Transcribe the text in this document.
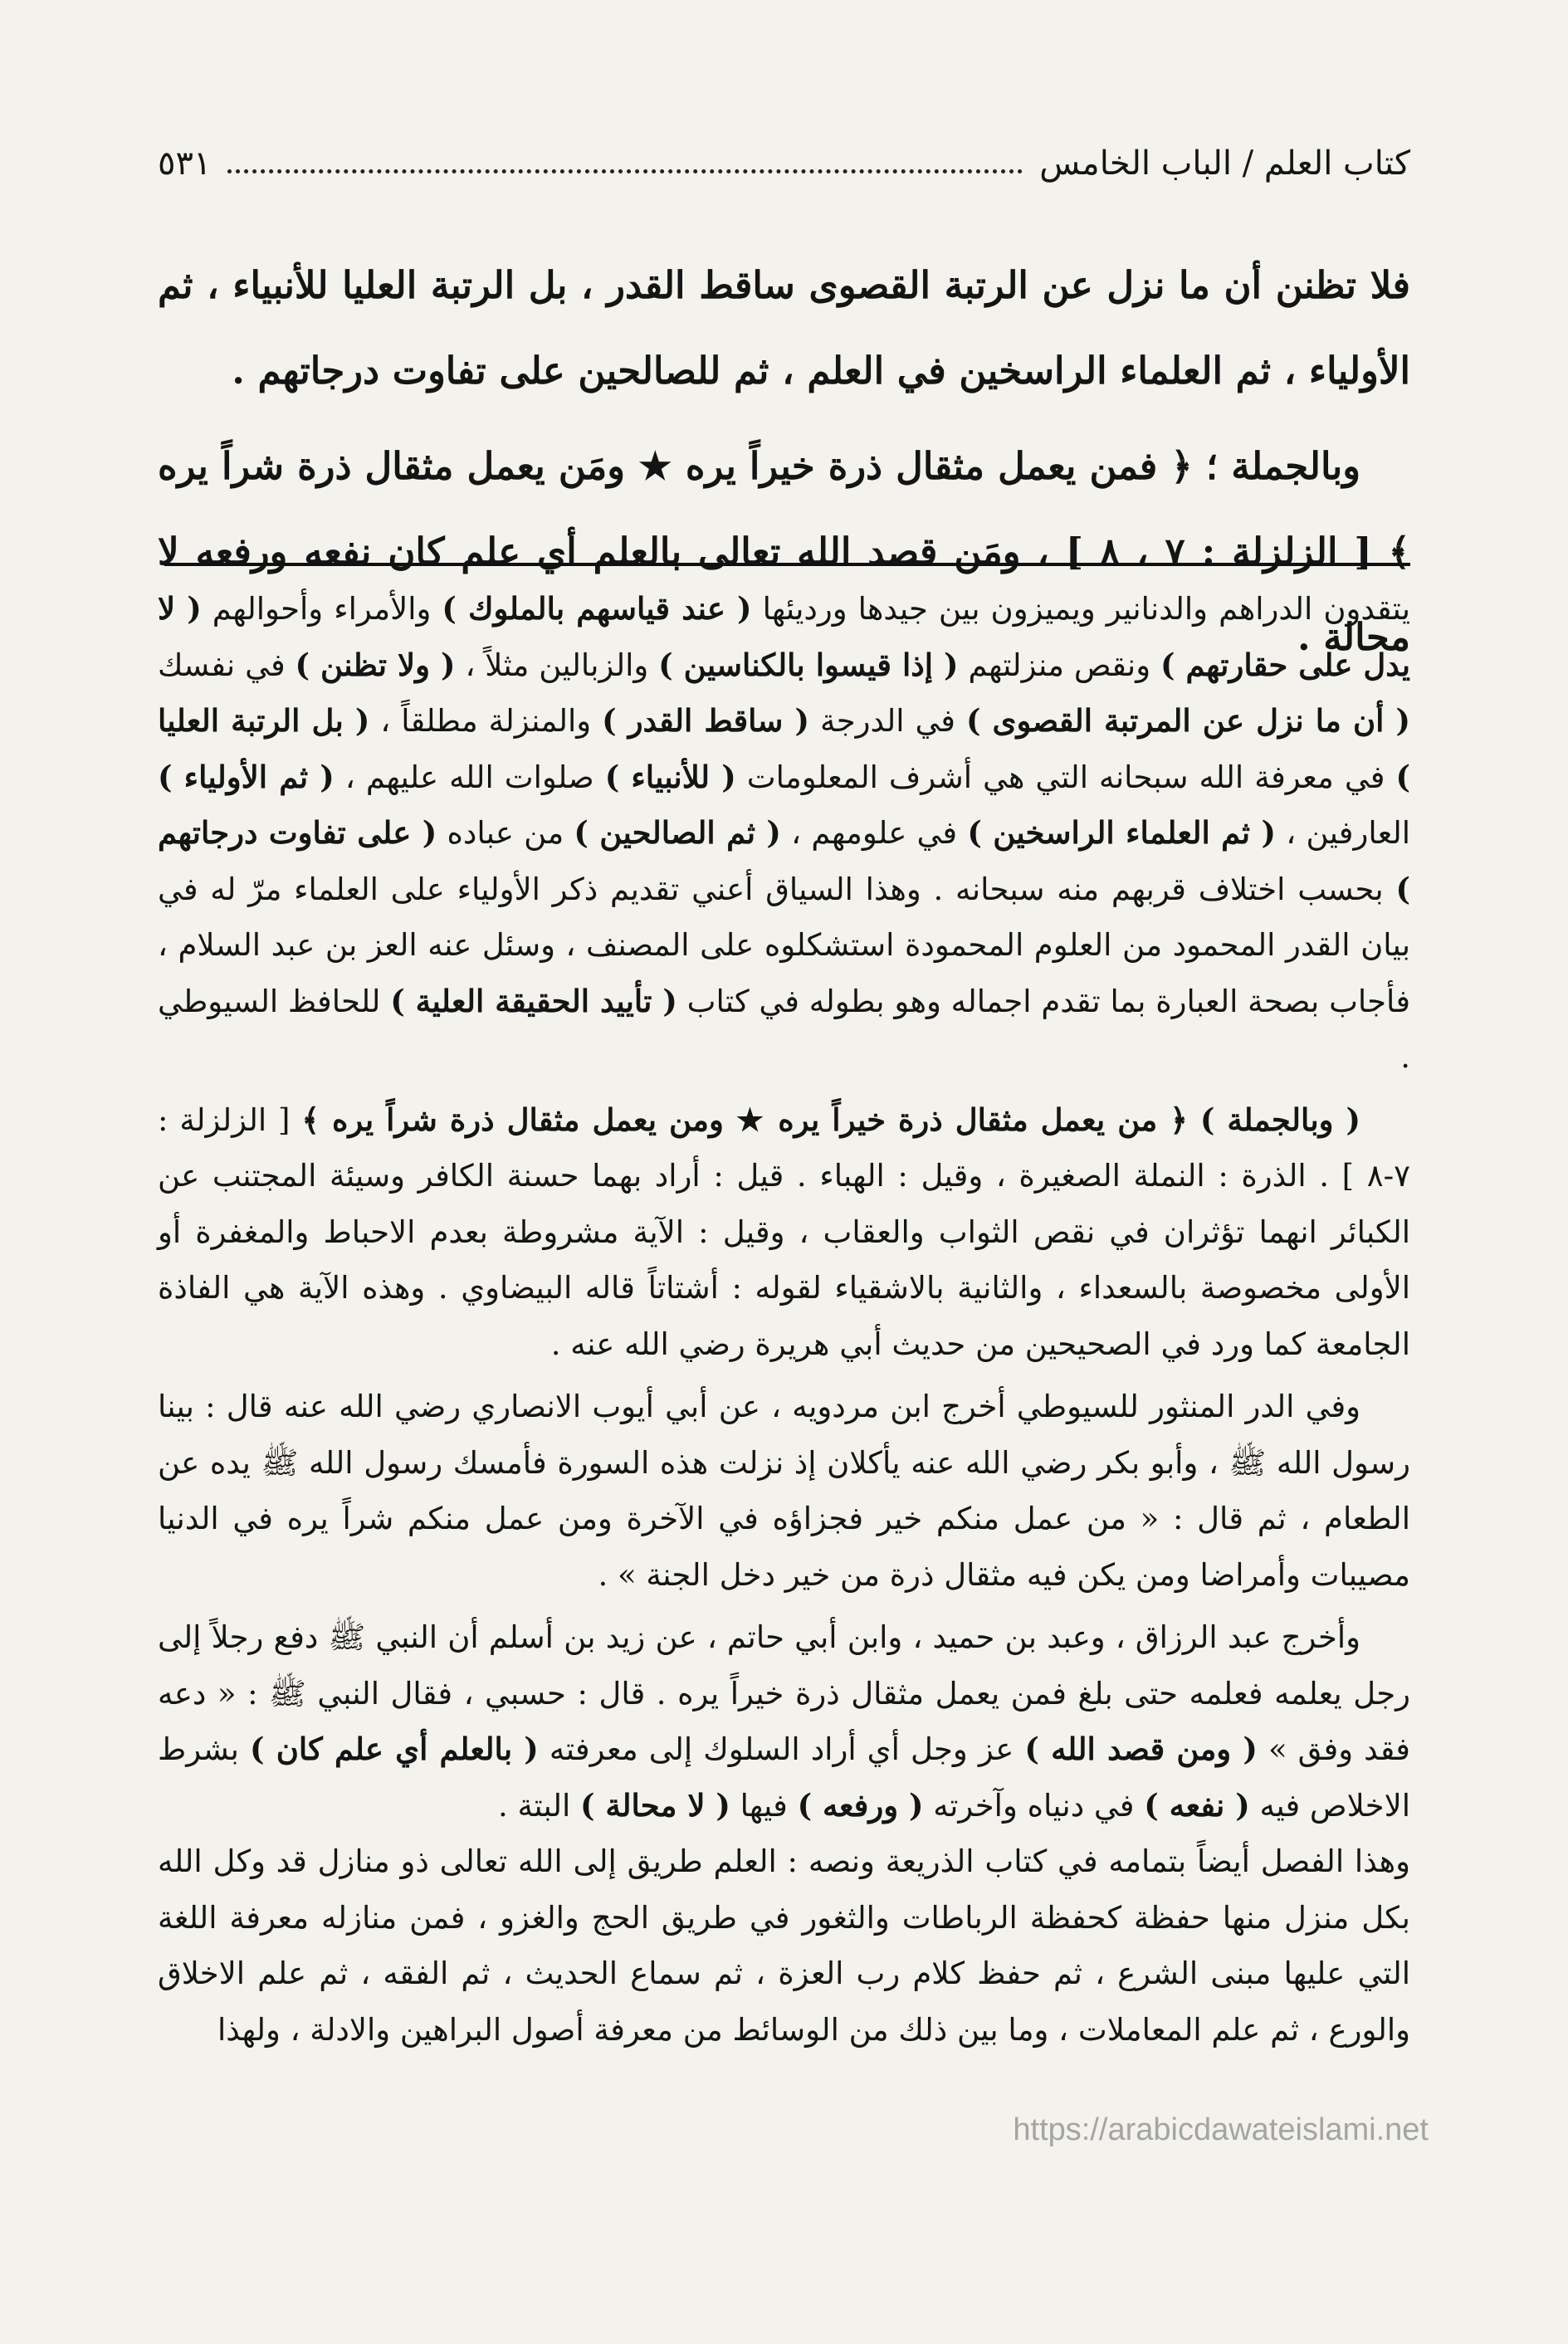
كتاب العلم / الباب الخامس
٥٣١

فلا تظنن أن ما نزل عن الرتبة القصوى ساقط القدر ، بل الرتبة العليا للأنبياء ، ثم الأولياء ، ثم العلماء الراسخين في العلم ، ثم للصالحين على تفاوت درجاتهم .

وبالجملة ؛ ﴿ فمن يعمل مثقال ذرة خيراً يره ★ ومَن يعمل مثقال ذرة شراً يره ﴾ [ الزلزلة : ٧ ، ٨ ] ، ومَن قصد الله تعالى بالعلم أي علم كان نفعه ورفعه لا محالة .

يتقدون الدراهم والدنانير ويميزون بين جيدها ورديئها ( عند قياسهم بالملوك ) والأمراء وأحوالهم ( لا يدل على حقارتهم ) ونقص منزلتهم ( إذا قيسوا بالكناسين ) والزبالين مثلاً ، ( ولا تظنن ) في نفسك ( أن ما نزل عن المرتبة القصوى ) في الدرجة ( ساقط القدر ) والمنزلة مطلقاً ، ( بل الرتبة العليا ) في معرفة الله سبحانه التي هي أشرف المعلومات ( للأنبياء ) صلوات الله عليهم ، ( ثم الأولياء ) العارفين ، ( ثم العلماء الراسخين ) في علومهم ، ( ثم الصالحين ) من عباده ( على تفاوت درجاتهم ) بحسب اختلاف قربهم منه سبحانه . وهذا السياق أعني تقديم ذكر الأولياء على العلماء مرّ له في بيان القدر المحمود من العلوم المحمودة استشكلوه على المصنف ، وسئل عنه العز بن عبد السلام ، فأجاب بصحة العبارة بما تقدم اجماله وهو بطوله في كتاب ( تأييد الحقيقة العلية ) للحافظ السيوطي .

( وبالجملة ) ﴿ من يعمل مثقال ذرة خيراً يره ★ ومن يعمل مثقال ذرة شراً يره ﴾ [ الزلزلة : ٧-٨ ] . الذرة : النملة الصغيرة ، وقيل : الهباء . قيل : أراد بهما حسنة الكافر وسيئة المجتنب عن الكبائر انهما تؤثران في نقص الثواب والعقاب ، وقيل : الآية مشروطة بعدم الاحباط والمغفرة أو الأولى مخصوصة بالسعداء ، والثانية بالاشقياء لقوله : أشتاتاً قاله البيضاوي . وهذه الآية هي الفاذة الجامعة كما ورد في الصحيحين من حديث أبي هريرة رضي الله عنه .

وفي الدر المنثور للسيوطي أخرج ابن مردويه ، عن أبي أيوب الانصاري رضي الله عنه قال : بينا رسول الله ﷺ ، وأبو بكر رضي الله عنه يأكلان إذ نزلت هذه السورة فأمسك رسول الله ﷺ يده عن الطعام ، ثم قال : « من عمل منكم خير فجزاؤه في الآخرة ومن عمل منكم شراً يره في الدنيا مصيبات وأمراضا ومن يكن فيه مثقال ذرة من خير دخل الجنة » .

وأخرج عبد الرزاق ، وعبد بن حميد ، وابن أبي حاتم ، عن زيد بن أسلم أن النبي ﷺ دفع رجلاً إلى رجل يعلمه فعلمه حتى بلغ فمن يعمل مثقال ذرة خيراً يره . قال : حسبي ، فقال النبي ﷺ : « دعه فقد وفق » ( ومن قصد الله ) عز وجل أي أراد السلوك إلى معرفته ( بالعلم أي علم كان ) بشرط الاخلاص فيه ( نفعه ) في دنياه وآخرته ( ورفعه ) فيها ( لا محالة ) البتة .

وهذا الفصل أيضاً بتمامه في كتاب الذريعة ونصه : العلم طريق إلى الله تعالى ذو منازل قد وكل الله بكل منزل منها حفظة كحفظة الرباطات والثغور في طريق الحج والغزو ، فمن منازله معرفة اللغة التي عليها مبنى الشرع ، ثم حفظ كلام رب العزة ، ثم سماع الحديث ، ثم الفقه ، ثم علم الاخلاق والورع ، ثم علم المعاملات ، وما بين ذلك من الوسائط من معرفة أصول البراهين والادلة ، ولهذا

https://arabicdawateislami.net
